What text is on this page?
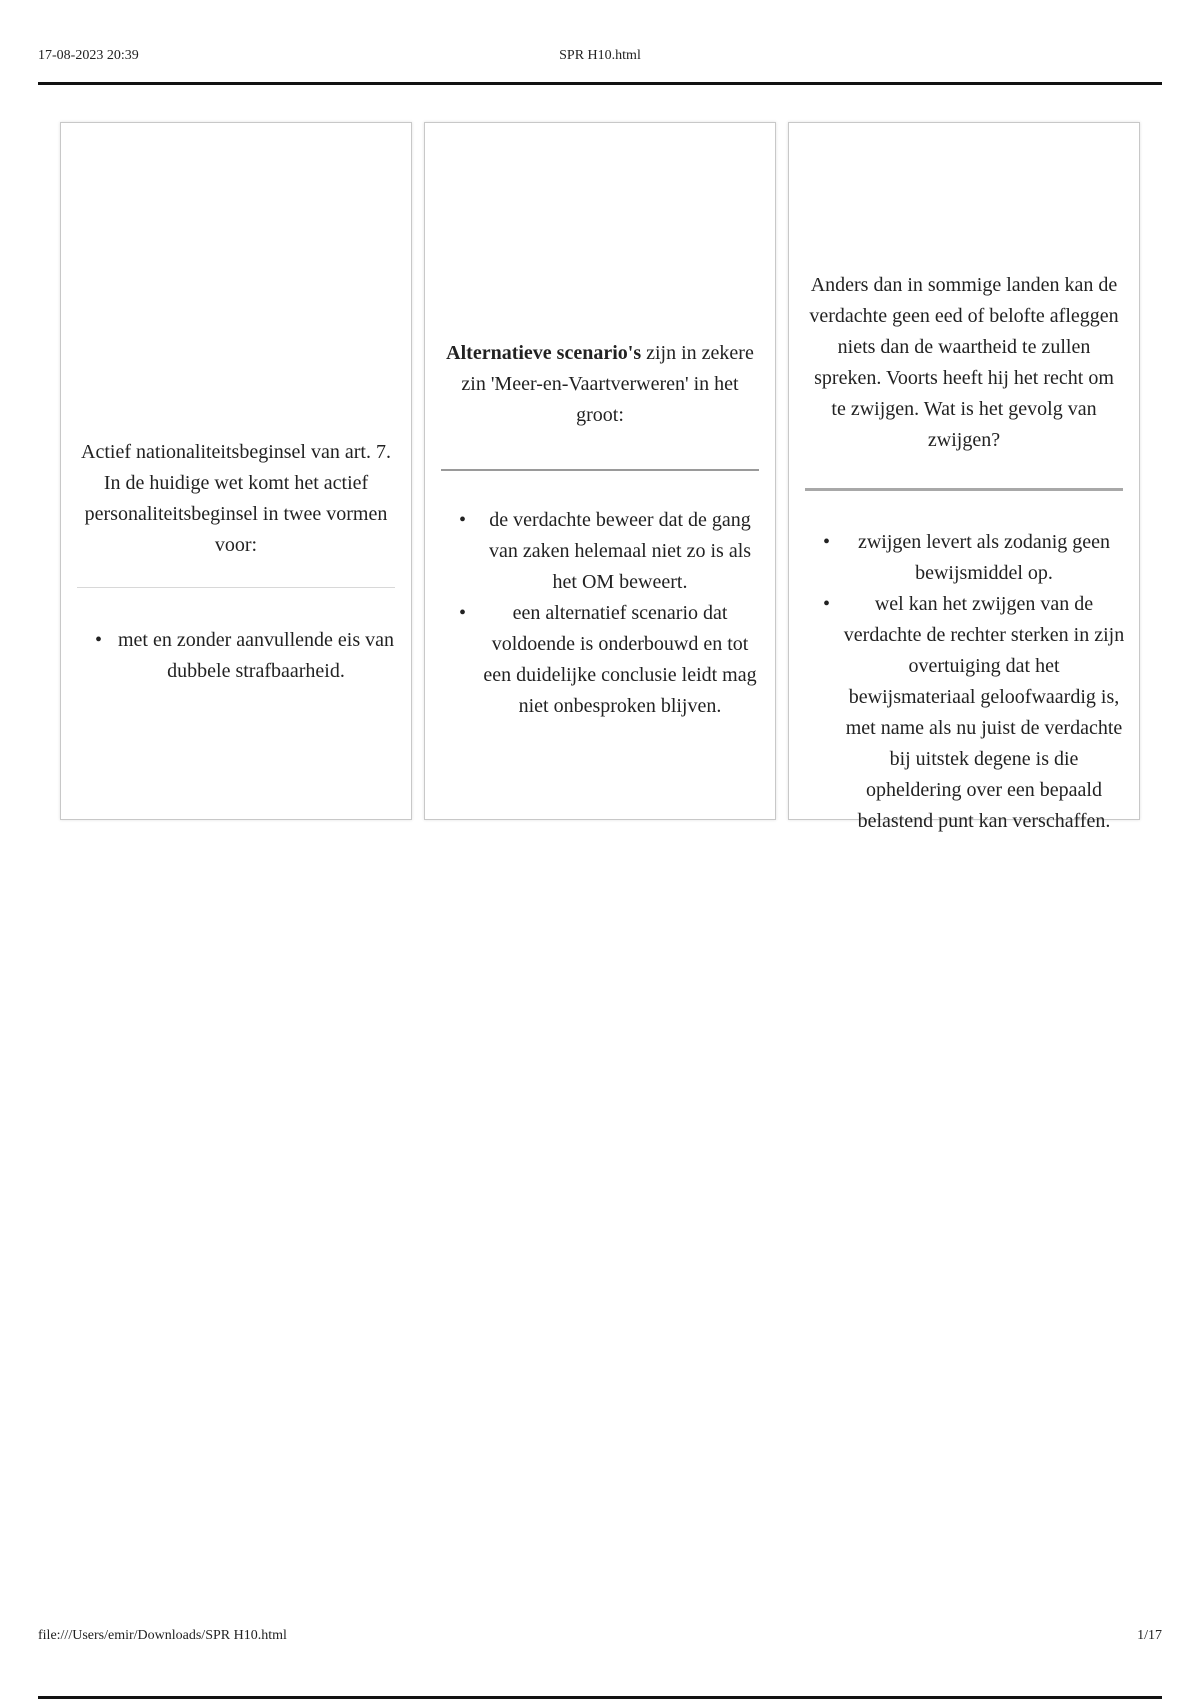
17-08-2023 20:39	SPR H10.html

Actief nationaliteitsbeginsel van art. 7. In de huidige wet komt het actief personaliteitsbeginsel in twee vormen voor:

• met en zonder aanvullende eis van dubbele strafbaarheid.

Alternatieve scenario's zijn in zekere zin 'Meer-en-Vaartverweren' in het groot:

• de verdachte beweer dat de gang van zaken helemaal niet zo is als het OM beweert.
• een alternatief scenario dat voldoende is onderbouwd en tot een duidelijke conclusie leidt mag niet onbesproken blijven.

Anders dan in sommige landen kan de verdachte geen eed of belofte afleggen niets dan de waartheid te zullen spreken. Voorts heeft hij het recht om te zwijgen. Wat is het gevolg van zwijgen?

• zwijgen levert als zodanig geen bewijsmiddel op.
• wel kan het zwijgen van de verdachte de rechter sterken in zijn overtuiging dat het bewijsmateriaal geloofwaardig is, met name als nu juist de verdachte bij uitstek degene is die opheldering over een bepaald belastend punt kan verschaffen.
file:///Users/emir/Downloads/SPR H10.html	1/17
